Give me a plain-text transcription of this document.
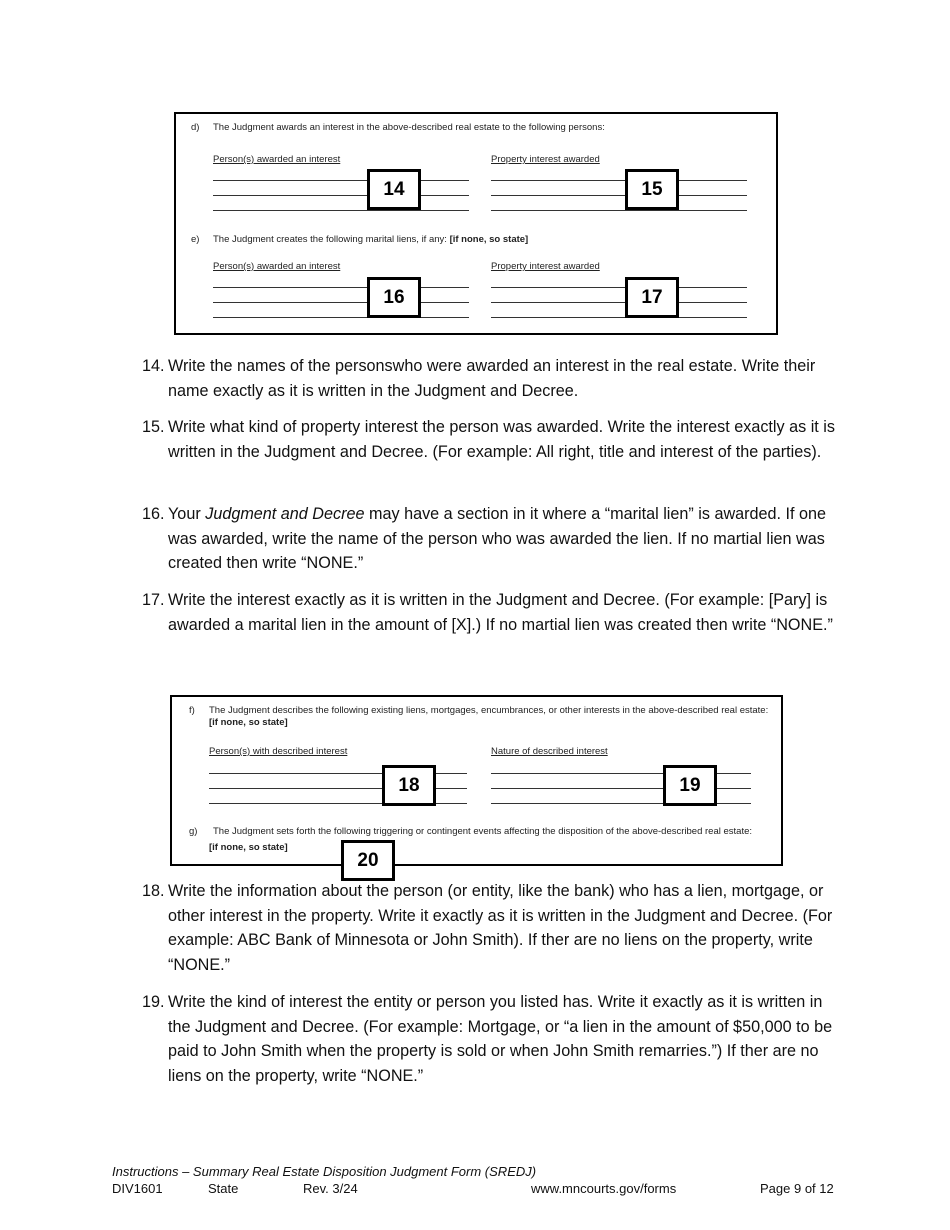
d) The Judgment awards an interest in the above-described real estate to the following persons:
Person(s) awarded an interest	Property interest awarded
e) The Judgment creates the following marital liens, if any: [if none, so state]
Person(s) awarded an interest	Property interest awarded
14	15
16	17
14. Write the names of the personswho were awarded an interest in the real estate. Write their name exactly as it is written in the Judgment and Decree.
15. Write what kind of property interest the person was awarded. Write the interest exactly as it is written in the Judgment and Decree. (For example: All right, title and interest of the parties).
16. Your Judgment and Decree may have a section in it where a “marital lien” is awarded. If one was awarded, write the name of the person who was awarded the lien. If no martial lien was created then write “NONE.”
17. Write the interest exactly as it is written in the Judgment and Decree. (For example: [Pary] is awarded a marital lien in the amount of [X].) If no martial lien was created then write “NONE.”
f) The Judgment describes the following existing liens, mortgages, encumbrances, or other interests in the above-described real estate:
[if none, so state]
Person(s) with described interest	Nature of described interest
g) The Judgment sets forth the following triggering or contingent events affecting the disposition of the above-described real estate:
[if none, so state]
18	19
20
18. Write the information about the person (or entity, like the bank) who has a lien, mortgage, or other interest in the property. Write it exactly as it is written in the Judgment and Decree. (For example: ABC Bank of Minnesota or John Smith). If ther are no liens on the property, write “NONE.”
19. Write the kind of interest the entity or person you listed has. Write it exactly as it is written in the Judgment and Decree. (For example: Mortgage, or “a lien in the amount of $50,000 to be paid to John Smith when the property is sold or when John Smith remarries.”) If ther are no liens on the property, write “NONE.”
Instructions – Summary Real Estate Disposition Judgment Form (SREDJ)
DIV1601	State	Rev. 3/24	www.mncourts.gov/forms	Page 9 of 12
